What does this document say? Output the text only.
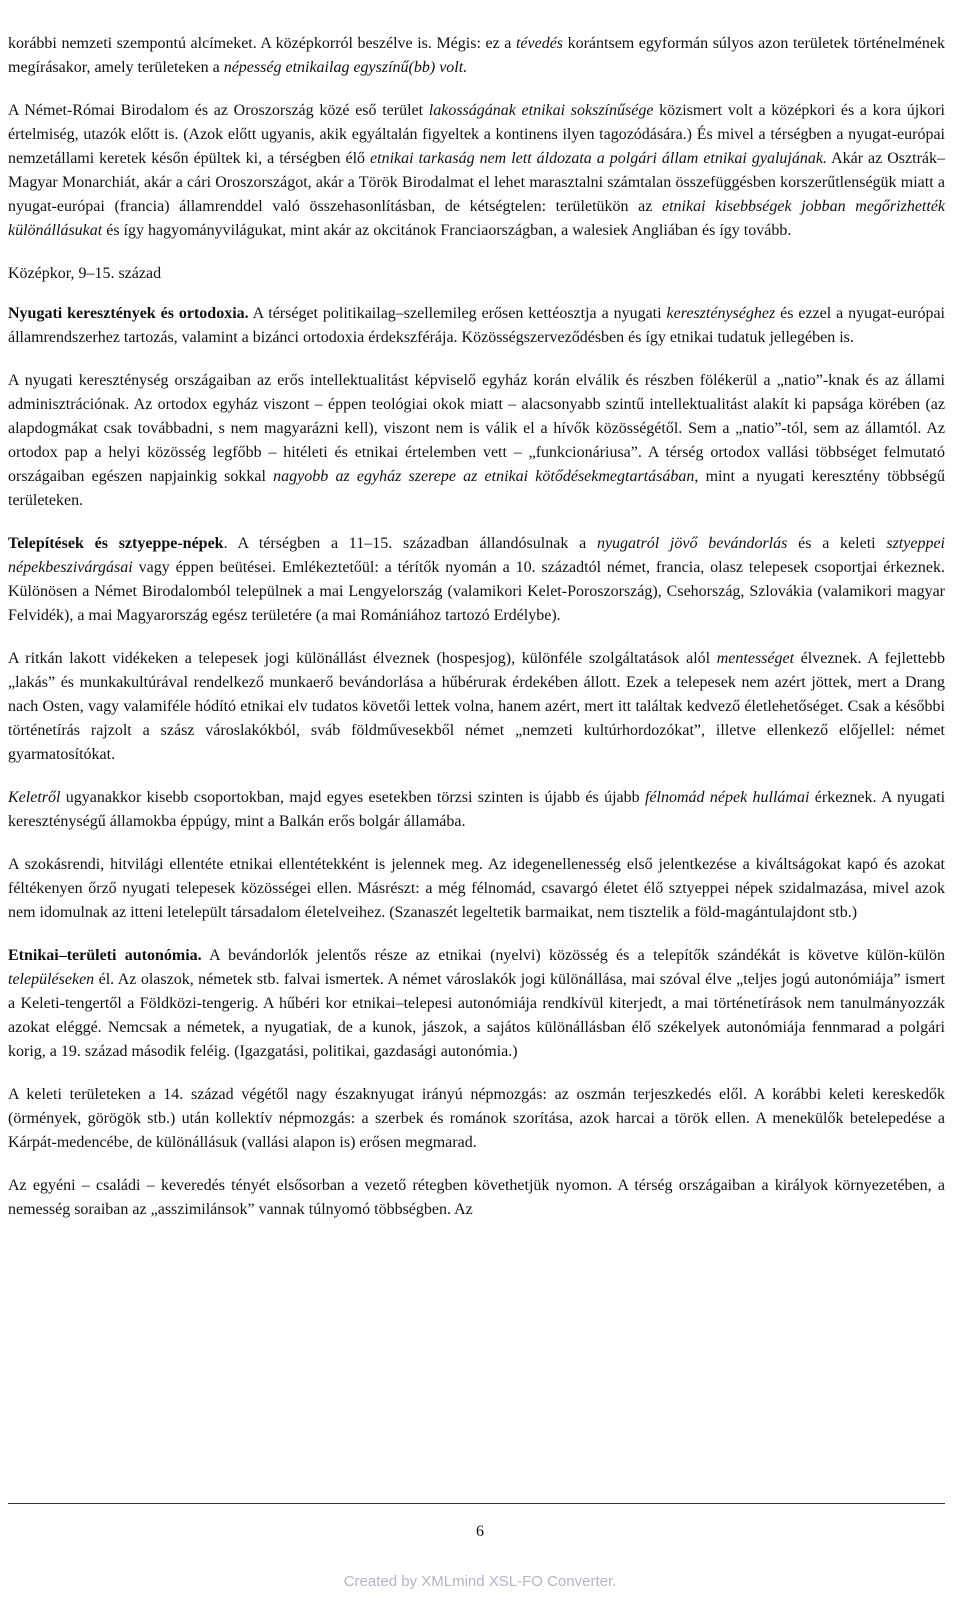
korábbi nemzeti szempontú alcímeket. A középkorról beszélve is. Mégis: ez a tévedés korántsem egyformán súlyos azon területek történelmének megírásakor, amely területeken a népesség etnikailag egyszínű(bb) volt.

A Német-Római Birodalom és az Oroszország közé eső terület lakosságának etnikai sokszínűsége közismert volt a középkori és a kora újkori értelmiség, utazók előtt is. (Azok előtt ugyanis, akik egyáltalán figyeltek a kontinens ilyen tagozódására.) És mivel a térségben a nyugat-európai nemzetállami keretek későn épültek ki, a térségben élő etnikai tarkaság nem lett áldozata a polgári állam etnikai gyalujának. Akár az Osztrák–Magyar Monarchiát, akár a cári Oroszországot, akár a Török Birodalmat el lehet marasztalni számtalan összefüggésben korszerűtlenségük miatt a nyugat-európai (francia) államrenddel való összehasonlításban, de kétségtelen: területükön az etnikai kisebbségek jobban megőrizhették különállásukat és így hagyományvilágukat, mint akár az okcitánok Franciaországban, a walesiek Angliában és így tovább.

Középkor, 9–15. század

Nyugati keresztények és ortodoxia. A térséget politikailag–szellemileg erősen kettéosztja a nyugati kereszténységhez és ezzel a nyugat-európai államrendszerhez tartozás, valamint a bizánci ortodoxia érdekszférája. Közösségszerveződésben és így etnikai tudatuk jellegében is.

A nyugati kereszténység országaiban az erős intellektualitást képviselő egyház korán elválik és részben fölékerül a „natio”-knak és az állami adminisztrációnak. Az ortodox egyház viszont – éppen teológiai okok miatt – alacsonyabb szintű intellektualitást alakít ki papsága körében (az alapdogmákat csak továbbadni, s nem magyarázni kell), viszont nem is válik el a hívők közösségétől. Sem a „natio”-tól, sem az államtól. Az ortodox pap a helyi közösség legfőbb – hitéleti és etnikai értelemben vett – „funkcionáriusa”. A térség ortodox vallási többséget felmutató országaiban egészen napjainkig sokkal nagyobb az egyház szerepe az etnikai kötődésekmegtartásában, mint a nyugati keresztény többségű területeken.

Telepítések és sztyeppe-népek. A térségben a 11–15. században állandósulnak a nyugatról jövő bevándorlás és a keleti sztyeppei népekbeszivárgásai vagy éppen beütései. Emlékeztetőül: a térítők nyomán a 10. századtól német, francia, olasz telepesek csoportjai érkeznek. Különösen a Német Birodalomból települnek a mai Lengyelország (valamikori Kelet-Poroszország), Csehország, Szlovákia (valamikori magyar Felvidék), a mai Magyarország egész területére (a mai Romániához tartozó Erdélybe).

A ritkán lakott vidékeken a telepesek jogi különállást élveznek (hospesjog), különféle szolgáltatások alól mentességet élveznek. A fejlettebb „lakás” és munkakultúrával rendelkező munkaerő bevándorlása a hűbérurak érdekében állott. Ezek a telepesek nem azért jöttek, mert a Drang nach Osten, vagy valamiféle hódító etnikai elv tudatos követői lettek volna, hanem azért, mert itt találtak kedvező életlehetőséget. Csak a későbbi történetírás rajzolt a szász városlakókból, sváb földművesekből német „nemzeti kultúrhordozókat”, illetve ellenkező előjellel: német gyarmatosítókat.

Keletről ugyanakkor kisebb csoportokban, majd egyes esetekben törzsi szinten is újabb és újabb félnomád népek hullámai érkeznek. A nyugati kereszténységű államokba éppúgy, mint a Balkán erős bolgár államába.

A szokásrendi, hitvilági ellentéte etnikai ellentétekként is jelennek meg. Az idegenellenesség első jelentkezése a kiváltságokat kapó és azokat féltékenyen őrző nyugati telepesek közösségei ellen. Másrészt: a még félnomád, csavargó életet élő sztyeppei népek szidalmazása, mivel azok nem idomulnak az itteni letelepült társadalom életelveihez. (Szanaszét legeltetik barmaikat, nem tisztelik a föld-magántulajdont stb.)

Etnikai–területi autonómia. A bevándorlók jelentős része az etnikai (nyelvi) közösség és a telepítők szándékát is követve külön-külön településeken él. Az olaszok, németek stb. falvai ismertek. A német városlakók jogi különállása, mai szóval élve „teljes jogú autonómiája” ismert a Keleti-tengertől a Földközi-tengerig. A hűbéri kor etnikai–telepesi autonómiája rendkívül kiterjedt, a mai történetírások nem tanulmányozzák azokat eléggé. Nemcsak a németek, a nyugatiak, de a kunok, jászok, a sajátos különállásban élő székelyek autonómiája fennmarad a polgári korig, a 19. század második feléig. (Igazgatási, politikai, gazdasági autonómia.)

A keleti területeken a 14. század végétől nagy északnyugat irányú népmozgás: az oszmán terjeszkedés elől. A korábbi keleti kereskedők (örmények, görögök stb.) után kollektív népmozgás: a szerbek és románok szorítása, azok harcai a török ellen. A menekülők betelepedése a Kárpát-medencébe, de különállásuk (vallási alapon is) erősen megmarad.

Az egyéni – családi – keveredés tényét elsősorban a vezető rétegben követhetjük nyomon. A térség országaiban a királyok környezetében, a nemesség soraiban az „asszimilánsok” vannak túlnyomó többségben. Az

6
Created by XMLmind XSL-FO Converter.
